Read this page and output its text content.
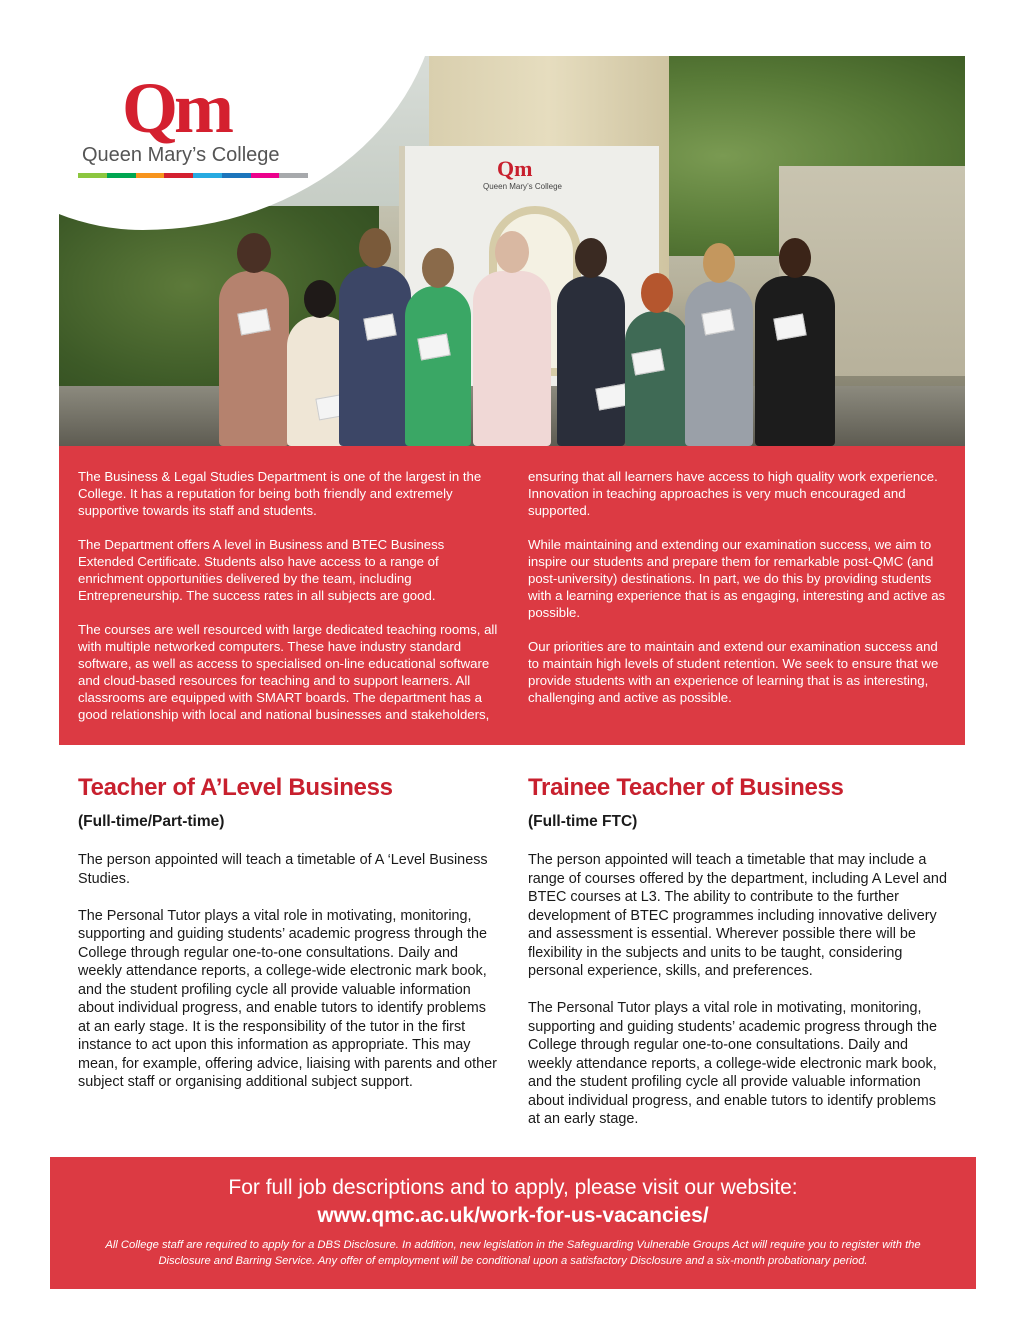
Qm
Queen Mary’s College
Qm
Queen Mary’s College

The Business & Legal Studies Department is one of the largest in the College. It has a reputation for being both friendly and extremely supportive towards its staff and students.

The Department offers A level in Business and BTEC Business Extended Certificate. Students also have access to a range of enrichment opportunities delivered by the team, including Entrepreneurship. The success rates in all subjects are good.

The courses are well resourced with large dedicated teaching rooms, all with multiple networked computers. These have industry standard software, as well as access to specialised on-line educational software and cloud-based resources for teaching and to support learners. All classrooms are equipped with SMART boards. The department has a good relationship with local and national businesses and stakeholders,

ensuring that all learners have access to high quality work experience. Innovation in teaching approaches is very much encouraged and supported.

While maintaining and extending our examination success, we aim to inspire our students and prepare them for remarkable post-QMC (and post-university) destinations. In part, we do this by providing students with a learning experience that is as engaging, interesting and active as possible.

Our priorities are to maintain and extend our examination success and to maintain high levels of student retention. We seek to ensure that we provide students with an experience of learning that is as interesting, challenging and active as possible.

Teacher of A’Level Business
(Full-time/Part-time)

The person appointed will teach a timetable of A ‘Level Business Studies.

The Personal Tutor plays a vital role in motivating, monitoring, supporting and guiding students’ academic progress through the College through regular one-to-one consultations. Daily and weekly attendance reports, a college-wide electronic mark book, and the student profiling cycle all provide valuable information about individual progress, and enable tutors to identify problems at an early stage. It is the responsibility of the tutor in the first instance to act upon this information as appropriate. This may mean, for example, offering advice, liaising with parents and other subject staff or organising additional subject support.

Trainee Teacher of Business
(Full-time FTC)

The person appointed will teach a timetable that may include a range of courses offered by the department, including A Level and BTEC courses at L3. The ability to contribute to the further development of BTEC programmes including innovative delivery and assessment is essential. Wherever possible there will be flexibility in the subjects and units to be taught, considering personal experience, skills, and preferences.

The Personal Tutor plays a vital role in motivating, monitoring, supporting and guiding students’ academic progress through the College through regular one-to-one consultations. Daily and weekly attendance reports, a college-wide electronic mark book, and the student profiling cycle all provide valuable information about individual progress, and enable tutors to identify problems at an early stage.

For full job descriptions and to apply, please visit our website:
www.qmc.ac.uk/work-for-us-vacancies/
All College staff are required to apply for a DBS Disclosure. In addition, new legislation in the Safeguarding Vulnerable Groups Act will require you to register with the Disclosure and Barring Service. Any offer of employment will be conditional upon a satisfactory Disclosure and a six-month probationary period.
